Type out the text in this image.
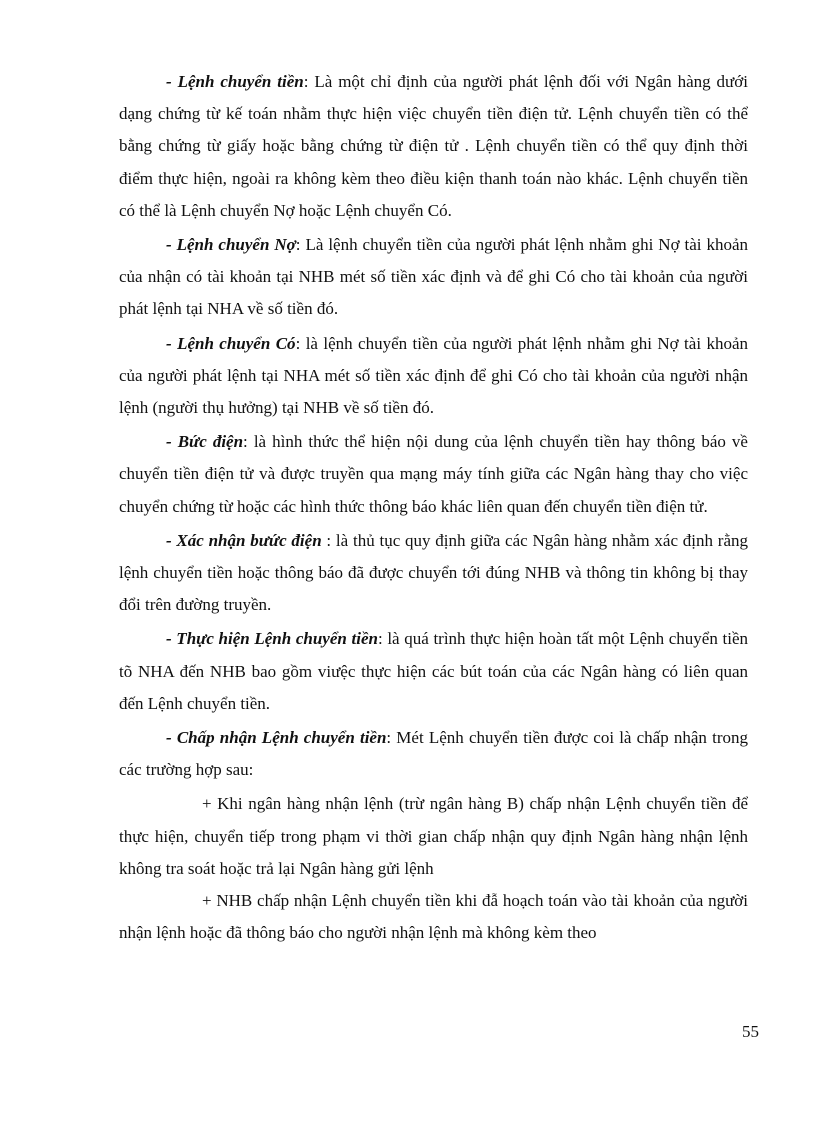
- Lệnh chuyển tiền: Là một chỉ định của người phát lệnh đối với Ngân hàng dưới dạng chứng từ kế toán nhằm thực hiện việc chuyển tiền điện tử. Lệnh chuyển tiền có thể bằng chứng từ giấy hoặc bằng chứng từ điện tử . Lệnh chuyển tiền có thể quy định thời điểm thực hiện, ngoài ra không kèm theo điều kiện thanh toán nào khác. Lệnh chuyển tiền có thể là Lệnh chuyển Nợ hoặc Lệnh chuyển Có.

- Lệnh chuyển Nợ: Là lệnh chuyển tiền của người phát lệnh nhằm ghi Nợ tài khoản của nhận có tài khoản tại NHB mét số tiền xác định và để ghi Có cho tài khoản của người phát lệnh tại NHA về số tiền đó.

- Lệnh chuyển Có: là lệnh chuyển tiền của người phát lệnh nhằm ghi Nợ tài khoản của người phát lệnh tại NHA mét số tiền xác định để ghi Có cho tài khoản của người nhận lệnh (người thụ hưởng) tại NHB về số tiền đó.

- Bức điện: là hình thức thể hiện nội dung của lệnh chuyển tiền hay thông báo về chuyển tiền điện tử và được truyền qua mạng máy tính giữa các Ngân hàng thay cho việc chuyển chứng từ hoặc các hình thức thông báo khác liên quan đến chuyển tiền điện tử.

- Xác nhận bưức điện : là thủ tục quy định giữa các Ngân hàng nhằm xác định rằng lệnh chuyển tiền hoặc thông báo đã được chuyển tới đúng NHB và thông tin không bị thay đổi trên đường truyền.

- Thực hiện Lệnh chuyển tiền: là quá trình thực hiện hoàn tất một Lệnh chuyển tiền tõ NHA đến NHB bao gồm viưệc thực hiện các bút toán của các Ngân hàng có liên quan đến Lệnh chuyển tiền.

- Chấp nhận Lệnh chuyển tiền: Mét Lệnh chuyển tiền được coi là chấp nhận trong các trường hợp sau:

+ Khi ngân hàng nhận lệnh (trừ ngân hàng B) chấp nhận Lệnh chuyển tiền để thực hiện, chuyển tiếp trong phạm vi thời gian chấp nhận quy định Ngân hàng nhận lệnh không tra soát hoặc trả lại Ngân hàng gửi lệnh

+ NHB chấp nhận Lệnh chuyển tiền khi đẫ hoạch toán vào tài khoản của người nhận lệnh hoặc đã thông báo cho người nhận lệnh mà không kèm theo

55
